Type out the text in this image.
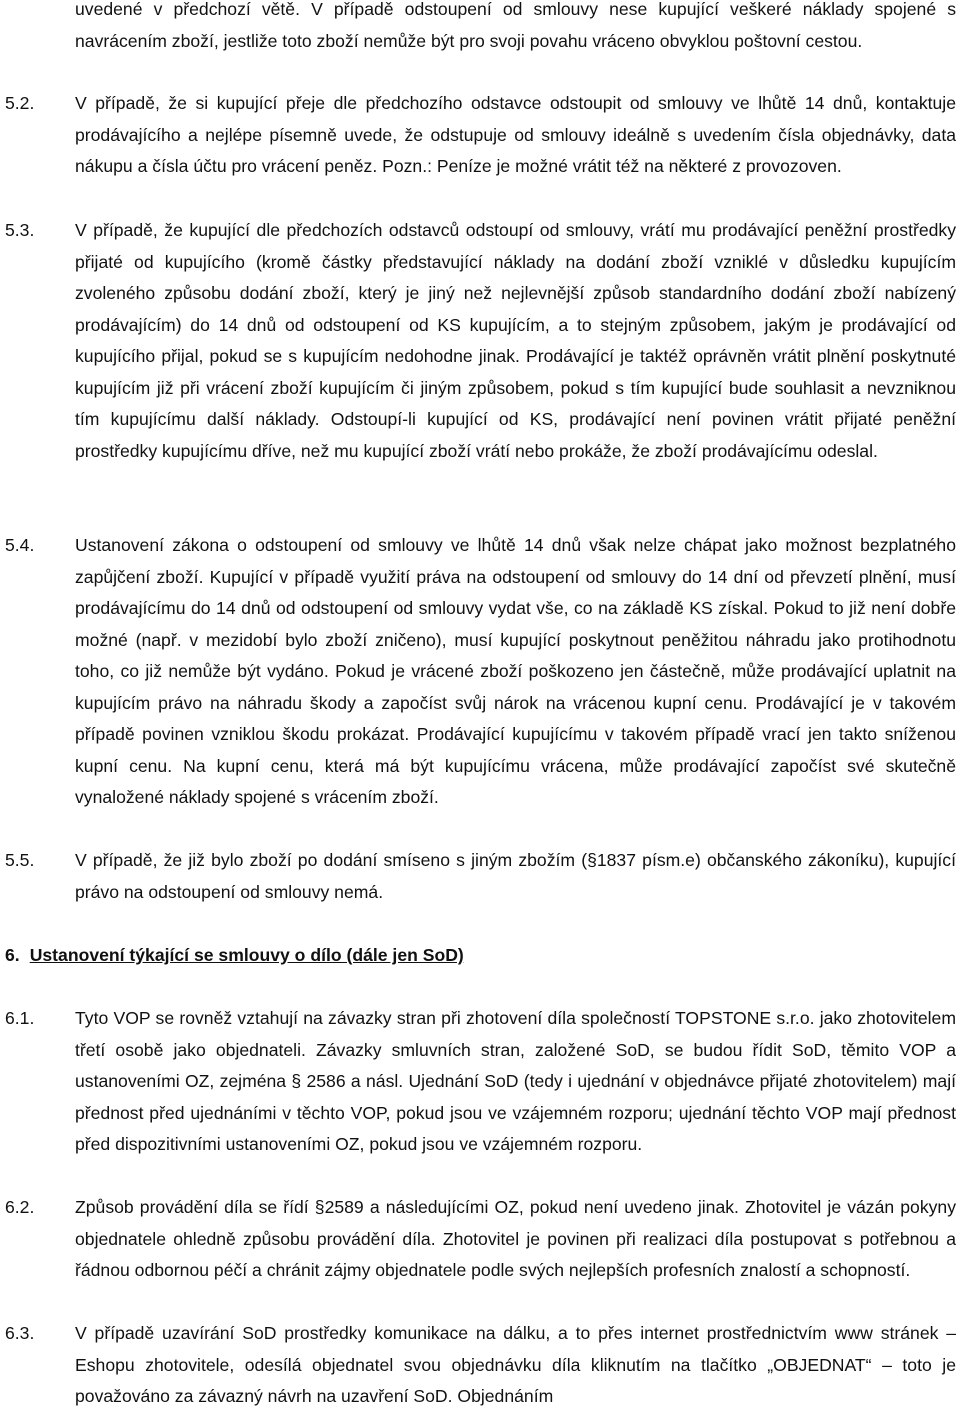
uvedené v předchozí větě. V případě odstoupení od smlouvy nese kupující veškeré náklady spojené s navrácením zboží, jestliže toto zboží nemůže být pro svoji povahu vráceno obvyklou poštovní cestou.

5.2. V případě, že si kupující přeje dle předchozího odstavce odstoupit od smlouvy ve lhůtě 14 dnů, kontaktuje prodávajícího a nejlépe písemně uvede, že odstupuje od smlouvy ideálně s uvedením čísla objednávky, data nákupu a čísla účtu pro vrácení peněz. Pozn.: Peníze je možné vrátit též na některé z provozoven.

5.3. V případě, že kupující dle předchozích odstavců odstoupí od smlouvy, vrátí mu prodávající peněžní prostředky přijaté od kupujícího (kromě částky představující náklady na dodání zboží vzniklé v důsledku kupujícím zvoleného způsobu dodání zboží, který je jiný než nejlevnější způsob standardního dodání zboží nabízený prodávajícím) do 14 dnů od odstoupení od KS kupujícím, a to stejným způsobem, jakým je prodávající od kupujícího přijal, pokud se s kupujícím nedohodne jinak. Prodávající je taktéž oprávněn vrátit plnění poskytnuté kupujícím již při vrácení zboží kupujícím či jiným způsobem, pokud s tím kupující bude souhlasit a nevzniknou tím kupujícímu další náklady. Odstoupí-li kupující od KS, prodávající není povinen vrátit přijaté peněžní prostředky kupujícímu dříve, než mu kupující zboží vrátí nebo prokáže, že zboží prodávajícímu odeslal.

5.4. Ustanovení zákona o odstoupení od smlouvy ve lhůtě 14 dnů však nelze chápat jako možnost bezplatného zapůjčení zboží. Kupující v případě využití práva na odstoupení od smlouvy do 14 dní od převzetí plnění, musí prodávajícímu do 14 dnů od odstoupení od smlouvy vydat vše, co na základě KS získal. Pokud to již není dobře možné (např. v mezidobí bylo zboží zničeno), musí kupující poskytnout peněžitou náhradu jako protihodnotu toho, co již nemůže být vydáno. Pokud je vrácené zboží poškozeno jen částečně, může prodávající uplatnit na kupujícím právo na náhradu škody a započíst svůj nárok na vrácenou kupní cenu. Prodávající je v takovém případě povinen vzniklou škodu prokázat. Prodávající kupujícímu v takovém případě vrací jen takto sníženou kupní cenu. Na kupní cenu, která má být kupujícímu vrácena, může prodávající započíst své skutečně vynaložené náklady spojené s vrácením zboží.

5.5. V případě, že již bylo zboží po dodání smíseno s jiným zbožím (§1837 písm.e) občanského zákoníku), kupující právo na odstoupení od smlouvy nemá.

6. Ustanovení týkající se smlouvy o dílo (dále jen SoD)

6.1. Tyto VOP se rovněž vztahují na závazky stran při zhotovení díla společností TOPSTONE s.r.o. jako zhotovitelem třetí osobě jako objednateli. Závazky smluvních stran, založené SoD, se budou řídit SoD, těmito VOP a ustanoveními OZ, zejména § 2586 a násl. Ujednání SoD (tedy i ujednání v objednávce přijaté zhotovitelem) mají přednost před ujednáními v těchto VOP, pokud jsou ve vzájemném rozporu; ujednání těchto VOP mají přednost před dispozitivními ustanoveními OZ, pokud jsou ve vzájemném rozporu.

6.2. Způsob provádění díla se řídí §2589 a následujícími OZ, pokud není uvedeno jinak. Zhotovitel je vázán pokyny objednatele ohledně způsobu provádění díla. Zhotovitel je povinen při realizaci díla postupovat s potřebnou a řádnou odbornou péčí a chránit zájmy objednatele podle svých nejlepších profesních znalostí a schopností.

6.3. V případě uzavírání SoD prostředky komunikace na dálku, a to přes internet prostřednictvím www stránek – Eshopu zhotovitele, odesílá objednatel svou objednávku díla kliknutím na tlačítko „OBJEDNAT“ – toto je považováno za závazný návrh na uzavření SoD. Objednáním
